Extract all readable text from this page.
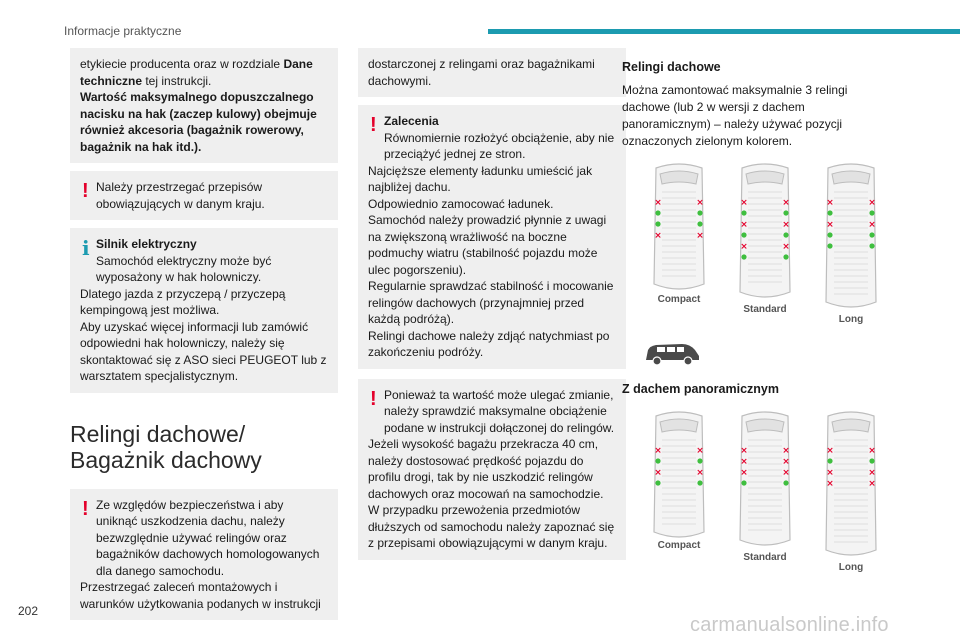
Informacje praktyczne

etykiecie producenta oraz w rozdziale Dane techniczne tej instrukcji.

Wartość maksymalnego dopuszczalnego nacisku na hak (zaczep kulowy) obejmuje również akcesoria (bagażnik rowerowy, bagażnik na hak itd.).

! Należy przestrzegać przepisów obowiązujących w danym kraju.

i Silnik elektryczny

Samochód elektryczny może być wyposażony w hak holowniczy.

Dlatego jazda z przyczepą / przyczepą kempingową jest możliwa.

Aby uzyskać więcej informacji lub zamówić odpowiedni hak holowniczy, należy się skontaktować się z ASO sieci PEUGEOT lub z warsztatem specjalistycznym.

Relingi dachowe/
Bagażnik dachowy
! Ze względów bezpieczeństwa i aby uniknąć uszkodzenia dachu, należy bezwzględnie używać relingów oraz bagażników dachowych homologowanych dla danego samochodu.

Przestrzegać zaleceń montażowych i warunków użytkowania podanych w instrukcji

dostarczonej z relingami oraz bagażnikami dachowymi.

! Zalecenia

Równomiernie rozłożyć obciążenie, aby nie przeciążyć jednej ze stron.

Najcięższe elementy ładunku umieścić jak najbliżej dachu.

Odpowiednio zamocować ładunek.

Samochód należy prowadzić płynnie z uwagi na zwiększoną wrażliwość na boczne podmuchy wiatru (stabilność pojazdu może ulec pogorszeniu).

Regularnie sprawdzać stabilność i mocowanie relingów dachowych (przynajmniej przed każdą podróżą).

Relingi dachowe należy zdjąć natychmiast po zakończeniu podróży.

! Ponieważ ta wartość może ulegać zmianie, należy sprawdzić maksymalne obciążenie podane w instrukcji dołączonej do relingów.

Jeżeli wysokość bagażu przekracza 40 cm, należy dostosować prędkość pojazdu do profilu drogi, tak by nie uszkodzić relingów dachowych oraz mocowań na samochodzie.

W przypadku przewożenia przedmiotów dłuższych od samochodu należy zapoznać się z przepisami obowiązującymi w danym kraju.

Relingi dachowe

Można zamontować maksymalnie 3 relingi dachowe (lub 2 w wersji z dachem panoramicznym) – należy używać pozycji oznaczonych zielonym kolorem.

×	×
×	×
Compact
×	×
×	×
×	×
Standard
×	×
×	×
Long
Z dachem panoramicznym
×	×
×	×
Compact
×	×
×	×
×	×
Standard
×	×
×	×
×	×
Long
202
carmanualsonline.info
